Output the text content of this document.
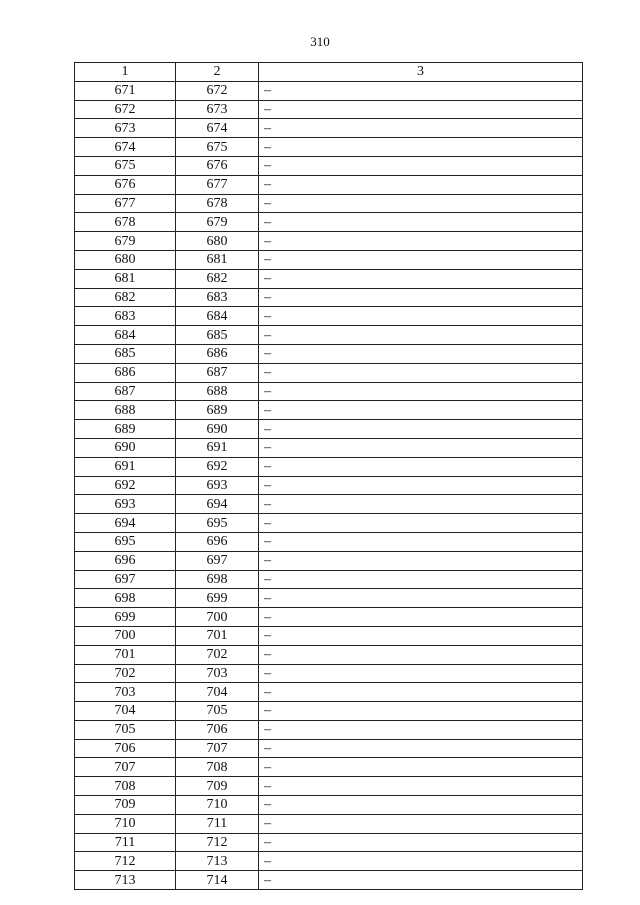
310
1	2	3
671	672	–
672	673	–
673	674	–
674	675	–
675	676	–
676	677	–
677	678	–
678	679	–
679	680	–
680	681	–
681	682	–
682	683	–
683	684	–
684	685	–
685	686	–
686	687	–
687	688	–
688	689	–
689	690	–
690	691	–
691	692	–
692	693	–
693	694	–
694	695	–
695	696	–
696	697	–
697	698	–
698	699	–
699	700	–
700	701	–
701	702	–
702	703	–
703	704	–
704	705	–
705	706	–
706	707	–
707	708	–
708	709	–
709	710	–
710	711	–
711	712	–
712	713	–
713	714	–
